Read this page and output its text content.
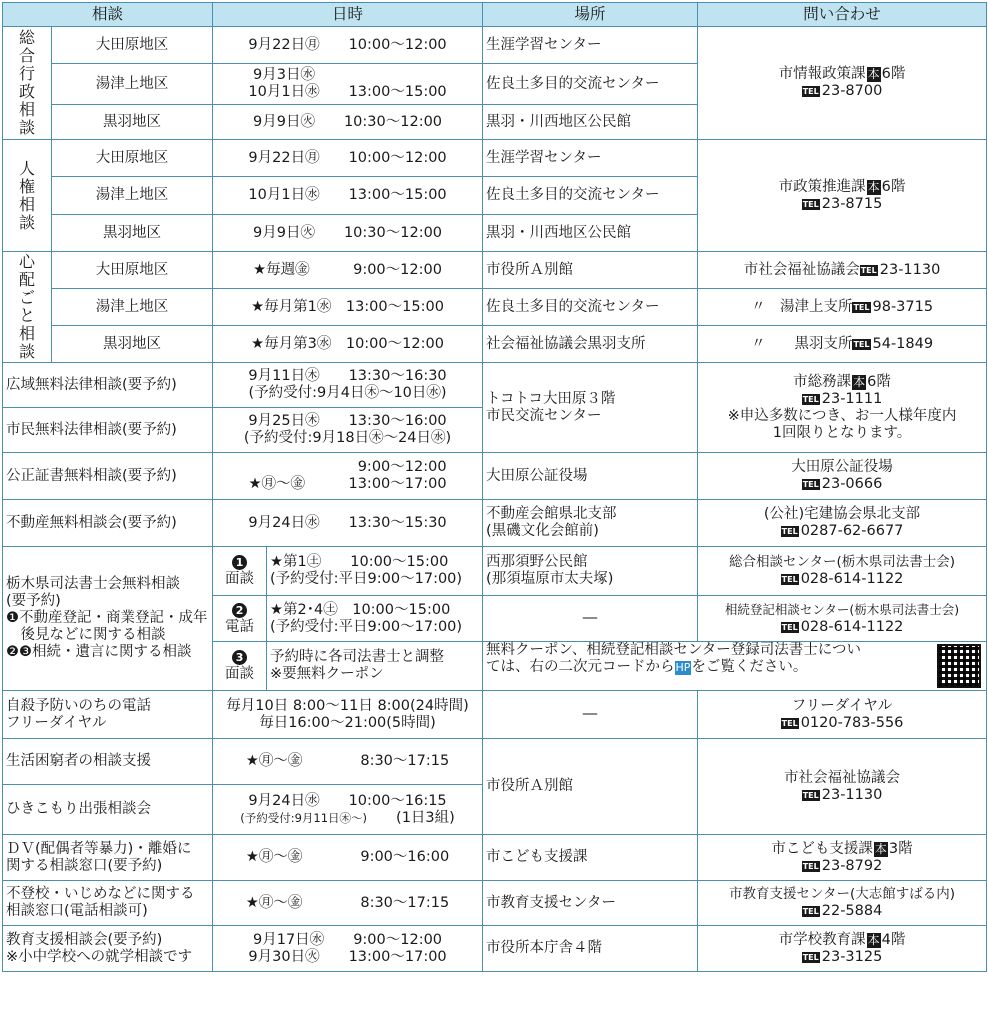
相談		日時		場所	問い合わせ
総合行政相談	大田原地区	9月22日㊊　　 10:00～12:00		生涯学習センター	市情報政策課 本 6階
TEL 23-8700
	湯津上地区	9月3日㊌
10月1日㊌　　 13:00～15:00		佐良土多目的交流センター	
	黒羽地区	9月9日㊋　　 10:30～12:00		黒羽・川西地区公民館	
人権相談	大田原地区	9月22日㊊　　 10:00～12:00		生涯学習センター	市政策推進課 本 6階
TEL 23-8715
	湯津上地区	10月1日㊌　　 13:00～15:00		佐良土多目的交流センター	
	黒羽地区	9月9日㊋　　 10:30～12:00		黒羽・川西地区公民館	
心配ごと相談	大田原地区	★毎週㊎　　　 9:00～12:00		市役所Ａ別館	市社会福祉協議会TEL 23-1130
	湯津上地区	★毎月第1㊌　 13:00～15:00		佐良土多目的交流センター	〃　 湯津上支所TEL 98-3715
	黒羽地区	★毎月第3㊌　 10:00～12:00		社会福祉協議会黒羽支所	〃　　 黒羽支所TEL 54-1849
広域無料法律相談(要予約)		9月11日㊍　　 13:30～16:30
(予約受付:9月4日㊍～10日㊌)		トコトコ大田原３階
市民交流センター	市総務課 本 6階
TEL 23-1111
※申込多数につき、お一人様年度内
1回限りとなります。
市民無料法律相談(要予約)		9月25日㊍　　 13:30～16:00
(予約受付:9月18日㊍～24日㊌)			
公正証書無料相談(要予約)		★㊊～㊎　　　9:00～12:00
13:00～17:00		大田原公証役場	大田原公証役場
TEL 23-0666
不動産無料相談会(要予約)		9月24日㊌　　 13:30～15:30		不動産会館県北支部
(黒磯文化会館前)	(公社)宅建協会県北支部
TEL 0287-62-6677
栃木県司法書士会無料相談
(要予約)
❶不動産登記・商業登記・成年
　後見などに関する相談
❷❸相続・遺言に関する相談		1
面談	★第1㊏　　 10:00～15:00
(予約受付:平日9:00～17:00)	西那須野公民館
(那須塩原市太夫塚)	総合相談センター(栃木県司法書士会)
TEL 028-614-1122
		2
電話	★第2･4㊏　 10:00～15:00
(予約受付:平日9:00～17:00)	―	相続登記相談センター(栃木県司法書士会)
TEL 028-614-1122
		3
面談	予約時に各司法書士と調整
※要無料クーポン	無料クーポン、相続登記相談センター登録司法書士につい
ては、右の二次元コードからHPをご覧ください。	
自殺予防いのちの電話
フリーダイヤル		毎月10日 8:00～11日 8:00(24時間)
毎日16:00～21:00(5時間)		―	フリーダイヤル
TEL 0120-783-556
生活困窮者の相談支援		★㊊～㊎　　　　 8:30～17:15		市役所Ａ別館	市社会福祉協議会
TEL 23-1130
ひきこもり出張相談会		9月24日㊌　　 10:00～16:15
(予約受付:9月11日㊍～)　　 (1日3組)			
ＤＶ(配偶者等暴力)・離婚に
関する相談窓口(要予約)		★㊊～㊎　　　　 9:00～16:00		市こども支援課	市こども支援課 本 3階
TEL 23-8792
不登校・いじめなどに関する
相談窓口(電話相談可)		★㊊～㊎　　　　 8:30～17:15		市教育支援センター	市教育支援センター(大志館すばる内)
TEL 22-5884
教育支援相談会(要予約)
※小中学校への就学相談です		9月17日㊌　　 9:00～12:00
9月30日㊋　　 13:00～17:00		市役所本庁舎４階	市学校教育課 本 4階
TEL 23-3125
